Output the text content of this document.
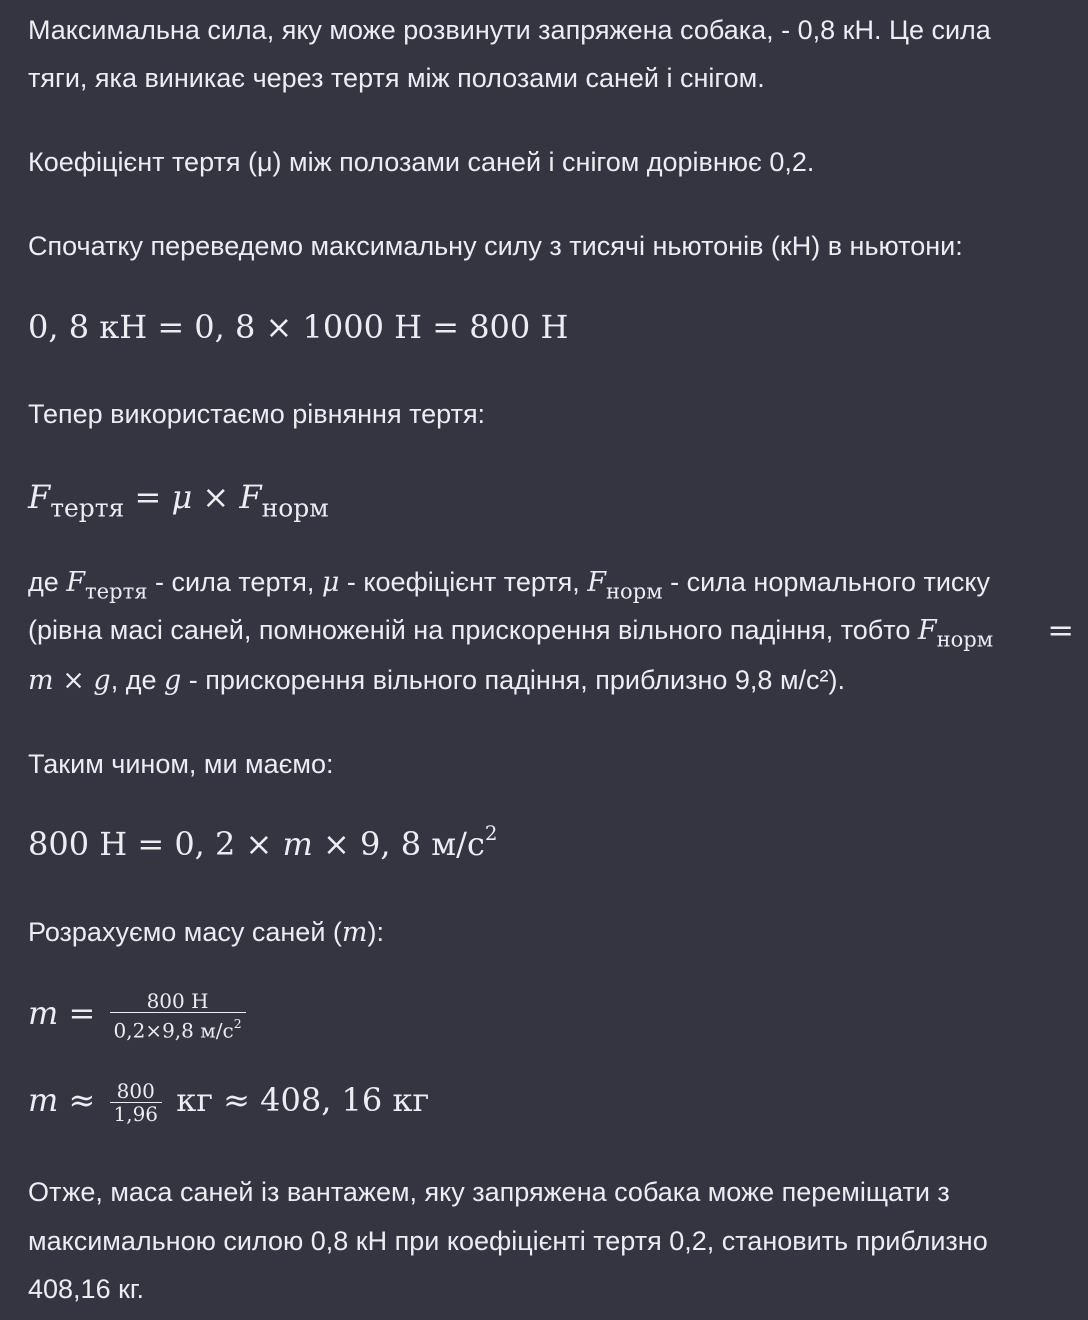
Максимальна сила, яку може розвинути запряжена собака, - 0,8 кН. Це сила

тяги, яка виникає через тертя між полозами саней і снігом.

Коефіцієнт тертя (μ) між полозами саней і снігом дорівнює 0,2.

Спочатку переведемо максимальну силу з тисячі ньютонів (кН) в ньютони:

0, 8 кН = 0, 8 × 1000 Н = 800 Н

Тепер використаємо рівняння тертя:

$F_{тертя} = \mu \times F_{норм}$

де $F_{тертя}$ - сила тертя, μ - коефіцієнт тертя, $F_{норм}$ - сила нормального тиску

(рівна масі саней, помноженій на прискорення вільного падіння, тобто $F_{норм}$ =

m × g, де g - прискорення вільного падіння, приблизно 9,8 м/с²).

Таким чином, ми маємо:

800 Н = 0, 2 × m × 9, 8 $м/с^2$

Розрахуємо масу саней (m):

$m = \frac{800 Н}{0,2\times 9,8 м/с^2}$
$m \approx \frac{800}{1,96}$ кг ≈ 408, 16 кг

Отже, маса саней із вантажем, яку запряжена собака може переміщати з

максимальною силою 0,8 кН при коефіцієнті тертя 0,2, становить приблизно

408,16 кг.
